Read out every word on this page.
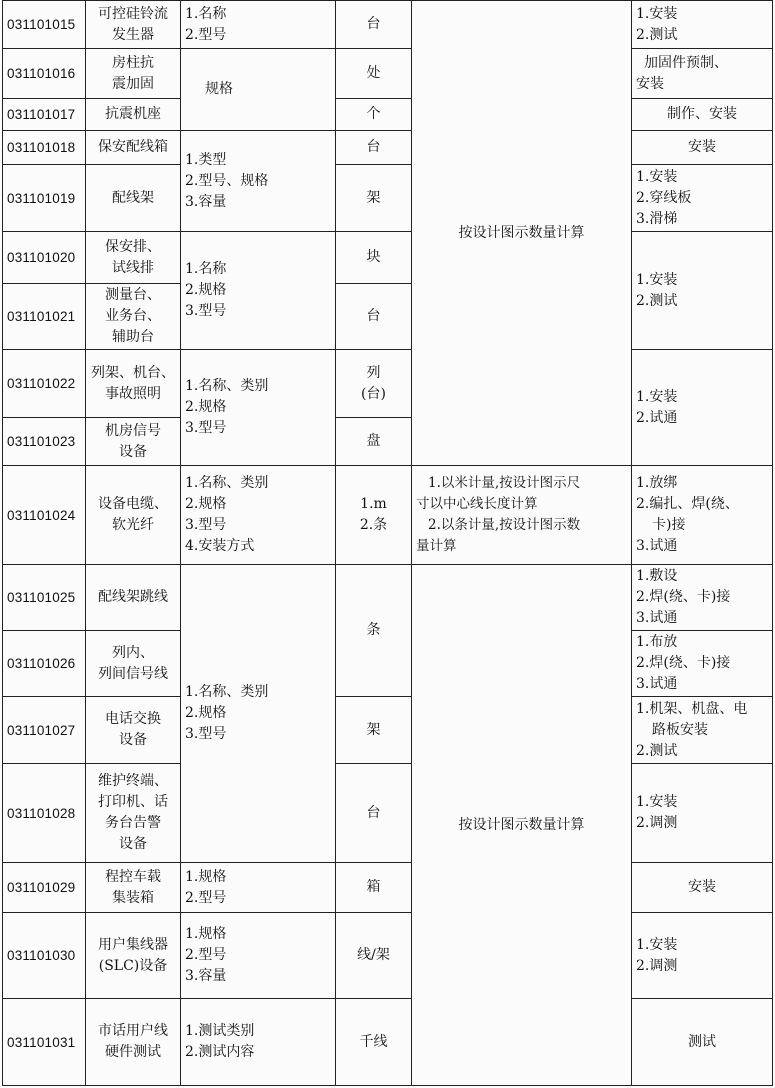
031101015	可控硅铃流
发生器	1.名称
2.型号	台	按设计图示数量计算	1.安装
2.测试

031101016	房柱抗
震加固	规格	处		加固件预制、
安装

031101017	抗震机座		个		制作、安装
031101018	保安配线箱	1.类型
2.型号、规格
3.容量	台		安装
031101019	配线架		架		1.安装
2.穿线板
3.滑梯

031101020	保安排、
试线排	1.名称
2.规格
3.型号	块		1.安装
2.测试

031101021	测量台、
业务台、
辅助台		台		
031101022	列架、机台、
事故照明	1.名称、类别
2.规格
3.型号	列
(台)		1.安装
2.试通

031101023	机房信号
设备		盘		
031101024	设备电缆、
软光纤	1.名称、类别
2.规格
3.型号
4.安装方式	1.m
2.条	1.以米计量,按设计图示尺
寸以中心线长度计算
2.以条计量,按设计图示数
量计算	1.放绑
2.编扎、焊(绕、
卡)接
3.试通

031101025	配线架跳线	1.名称、类别
2.规格
3.型号	条	按设计图示数量计算	1.敷设
2.焊(绕、卡)接
3.试通

031101026	列内、
列间信号线				1.布放
2.焊(绕、卡)接
3.试通

031101027	电话交换
设备		架		1.机架、机盘、电
路板安装
2.测试

031101028	维护终端、
打印机、话
务台告警
设备		台		1.安装
2.调测

031101029	程控车载
集装箱	1.规格
2.型号	箱		安装
031101030	用户集线器
(SLC)设备	1.规格
2.型号
3.容量	线/架		1.安装
2.调测

031101031	市话用户线
硬件测试	1.测试类别
2.测试内容	千线		测试
